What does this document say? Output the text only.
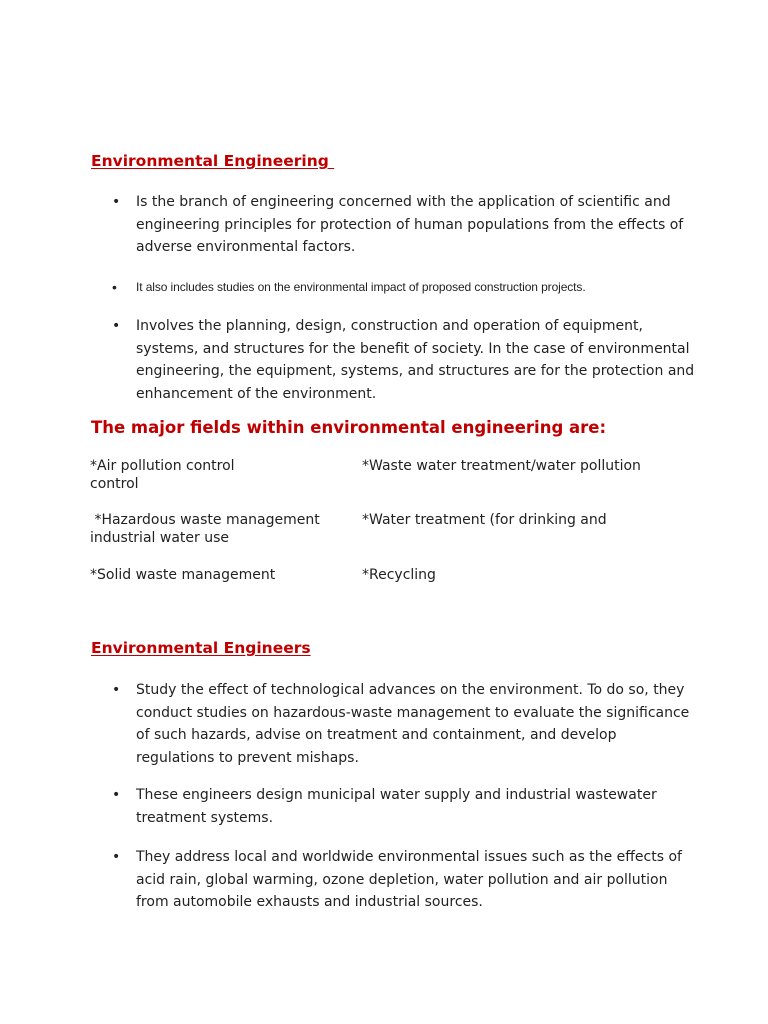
Environmental Engineering
• Is the branch of engineering concerned with the application of scientific and engineering principles for protection of human populations from the effects of adverse environmental factors.
• It also includes studies on the environmental impact of proposed construction projects.
• Involves the planning, design, construction and operation of equipment, systems, and structures for the benefit of society. In the case of environmental engineering, the equipment, systems, and structures are for the protection and enhancement of the environment.
The major fields within environmental engineering are:
*Air pollution control
control
*Waste water treatment/water pollution
*Hazardous waste management
industrial water use
*Water treatment (for drinking and
*Solid waste management	*Recycling
Environmental Engineers
• Study the effect of technological advances on the environment. To do so, they conduct studies on hazardous-waste management to evaluate the significance of such hazards, advise on treatment and containment, and develop regulations to prevent mishaps.
• These engineers design municipal water supply and industrial wastewater treatment systems.
• They address local and worldwide environmental issues such as the effects of acid rain, global warming, ozone depletion, water pollution and air pollution from automobile exhausts and industrial sources.
